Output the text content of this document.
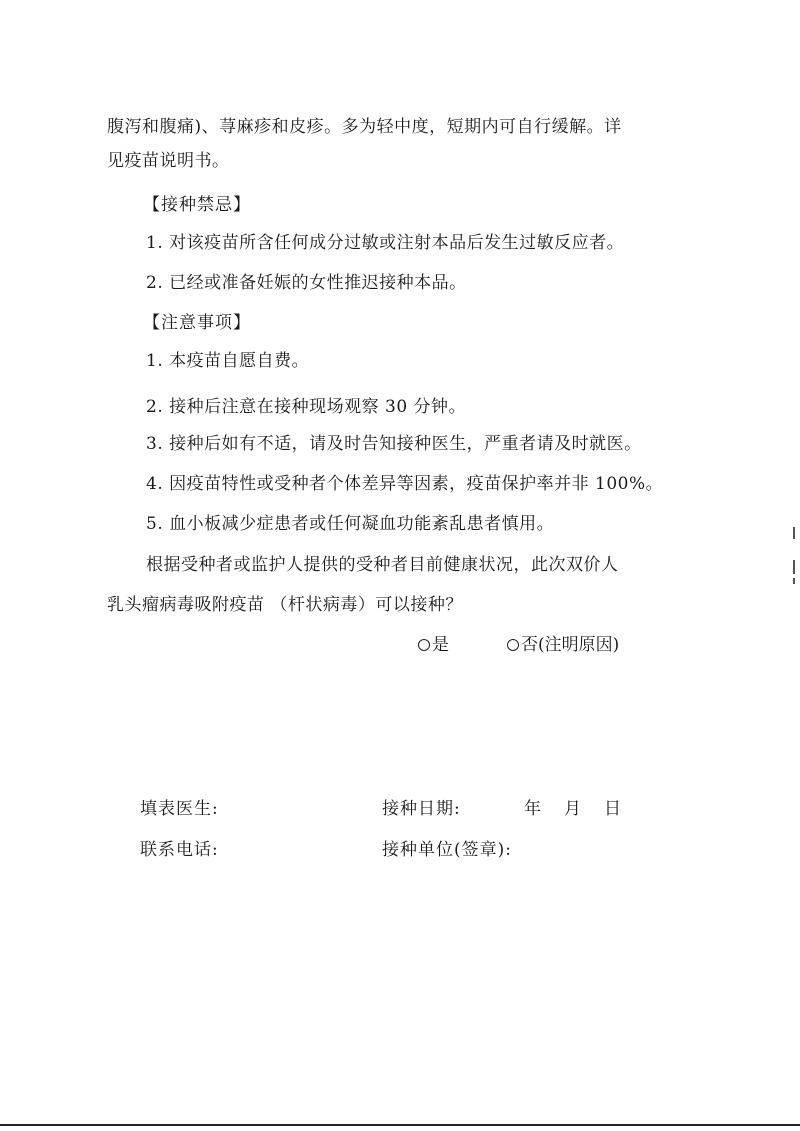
腹泻和腹痛)、荨麻疹和皮疹。多为轻中度，短期内可自行缓解。详
见疫苗说明书。
【接种禁忌】
1. 对该疫苗所含任何成分过敏或注射本品后发生过敏反应者。
2. 已经或准备妊娠的女性推迟接种本品。
【注意事项】
1. 本疫苗自愿自费。
2. 接种后注意在接种现场观察 30 分钟。
3. 接种后如有不适，请及时告知接种医生，严重者请及时就医。
4. 因疫苗特性或受种者个体差异等因素，疫苗保护率并非 100%。
5. 血小板减少症患者或任何凝血功能紊乱患者慎用。
根据受种者或监护人提供的受种者目前健康状况，此次双价人
乳头瘤病毒吸附疫苗 （杆状病毒）可以接种？
是	否(注明原因)
填表医生:	接种日期:	年 月 日
联系电话:	接种单位(签章):
